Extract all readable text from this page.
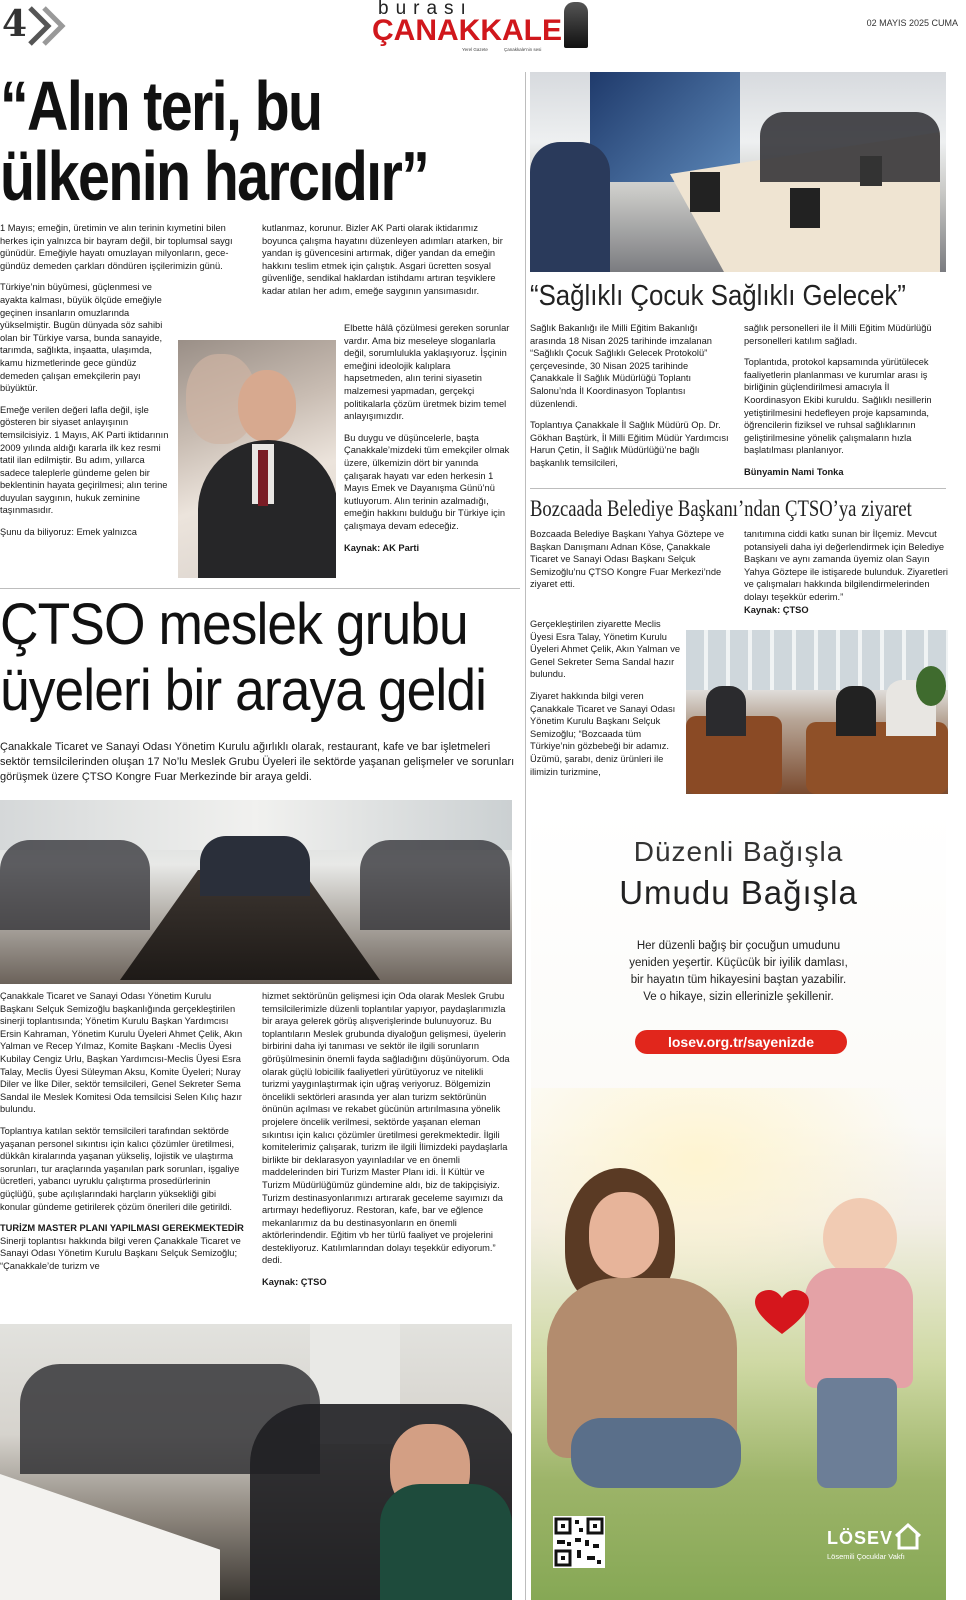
4	burası
ÇANAKKALE
Yerel Gazete	Çanakkale'nin sesi
02 MAYIS 2025 CUMA
“Alın teri, bu
ülkenin harcıdır”

1 Mayıs; emeğin, üretimin ve alın terinin kıymetini bilen herkes için yalnızca bir bayram değil, bir toplumsal saygı günüdür. Emeğiyle hayatı omuzlayan milyonların, gece-gündüz demeden çarkları döndüren işçilerimizin günü.

Türkiye’nin büyümesi, güçlenmesi ve ayakta kalması, büyük ölçüde emeğiyle geçinen insanların omuzlarında yükselmiştir. Bugün dünyada söz sahibi olan bir Türkiye varsa, bunda sanayide, tarımda, sağlıkta, inşaatta, ulaşımda, kamu hizmetlerinde gece gündüz demeden çalışan emekçilerin payı büyüktür.

Emeğe verilen değeri lafla değil, işle gösteren bir siyaset anlayışının temsilcisiyiz. 1 Mayıs, AK Parti iktidarının 2009 yılında aldığı kararla ilk kez resmi tatil ilan edilmiştir. Bu adım, yıllarca sadece taleplerle gündeme gelen bir beklentinin hayata geçirilmesi; alın terine duyulan saygının, hukuk zeminine taşınmasıdır.

Şunu da biliyoruz: Emek yalnızca

kutlanmaz, korunur. Bizler AK Parti olarak iktidarımız boyunca çalışma hayatını düzenleyen adımları atarken, bir yandan iş güvencesini artırmak, diğer yandan da emeğin hakkını teslim etmek için çalıştık. Asgari ücretten sosyal güvenliğe, sendikal haklardan istihdamı artıran teşviklere kadar atılan her adım, emeğe saygının yansımasıdır.

Elbette hâlâ çözülmesi gereken sorunlar vardır. Ama biz meseleye sloganlarla değil, sorumlulukla yaklaşıyoruz. İşçinin emeğini ideolojik kalıplara hapsetmeden, alın terini siyasetin malzemesi yapmadan, gerçekçi politikalarla çözüm üretmek bizim temel anlayışımızdır.

Bu duygu ve düşüncelerle, başta Çanakkale’mizdeki tüm emekçiler olmak üzere, ülkemizin dört bir yanında çalışarak hayatı var eden herkesin 1 Mayıs Emek ve Dayanışma Günü’nü kutluyorum. Alın terinin azalmadığı, emeğin hakkını bulduğu bir Türkiye için çalışmaya devam edeceğiz.

Kaynak: AK Parti

ÇTSO meslek grubu
üyeleri bir araya geldi
Çanakkale Ticaret ve Sanayi Odası Yönetim Kurulu ağırlıklı olarak, restaurant, kafe ve bar işletmeleri sektör temsilcilerinden oluşan 17 No’lu Meslek Grubu Üyeleri ile sektörde yaşanan gelişmeler ve sorunları görüşmek üzere ÇTSO Kongre Fuar Merkezinde bir araya geldi.

Çanakkale Ticaret ve Sanayi Odası Yönetim Kurulu Başkanı Selçuk Semizoğlu başkanlığında gerçekleştirilen sinerji toplantısında; Yönetim Kurulu Başkan Yardımcısı Ersin Kahraman, Yönetim Kurulu Üyeleri Ahmet Çelik, Akın Yalman ve Recep Yılmaz, Komite Başkanı -Meclis Üyesi Kubilay Cengiz Urlu, Başkan Yardımcısı-Meclis Üyesi Esra Talay, Meclis Üyesi Süleyman Aksu, Komite Üyeleri; Nuray Diler ve İlke Diler, sektör temsilcileri, Genel Sekreter Sema Sandal ile Meslek Komitesi Oda temsilcisi Selen Kılıç hazır bulundu.

Toplantıya katılan sektör temsilcileri tarafından sektörde yaşanan personel sıkıntısı için kalıcı çözümler üretilmesi, dükkân kiralarında yaşanan yükseliş, lojistik ve ulaştırma sorunları, tur araçlarında yaşanılan park sorunları, işgaliye ücretleri, yabancı uyruklu çalıştırma prosedürlerinin güçlüğü, şube açılışlarındaki harçların yüksekliği gibi konular gündeme getirilerek çözüm önerileri dile getirildi.

TURİZM MASTER PLANI YAPILMASI GEREKMEKTEDİR

Sinerji toplantısı hakkında bilgi veren Çanakkale Ticaret ve Sanayi Odası Yönetim Kurulu Başkanı Selçuk Semizoğlu; “Çanakkale’de turizm ve

hizmet sektörünün gelişmesi için Oda olarak Meslek Grubu temsilcilerimizle düzenli toplantılar yapıyor, paydaşlarımızla bir araya gelerek görüş alışverişlerinde bulunuyoruz. Bu toplantıların Meslek grubunda diyaloğun gelişmesi, üyelerin birbirini daha iyi tanıması ve sektör ile ilgili sorunların görüşülmesinin önemli fayda sağladığını düşünüyorum. Oda olarak güçlü lobicilik faaliyetleri yürütüyoruz ve nitelikli turizmi yaygınlaştırmak için uğraş veriyoruz. Bölgemizin öncelikli sektörleri arasında yer alan turizm sektörünün önünün açılması ve rekabet gücünün artırılmasına yönelik projelere öncelik verilmesi, sektörde yaşanan eleman sıkıntısı için kalıcı çözümler üretilmesi gerekmektedir. İlgili komitelerimiz çalışarak, turizm ile ilgili İlimizdeki paydaşlarla birlikte bir deklarasyon yayınladılar ve en önemli maddelerinden biri Turizm Master Planı idi. İl Kültür ve Turizm Müdürlüğümüz gündemine aldı, biz de takipçisiyiz. Turizm destinasyonlarımızı artırarak geceleme sayımızı da artırmayı hedefliyoruz. Restoran, kafe, bar ve eğlence mekanlarımız da bu destinasyonların en önemli aktörlerindendir. Eğitim vb her türlü faaliyet ve projelerini destekliyoruz. Katılımlarından dolayı teşekkür ediyorum.” dedi.

Kaynak: ÇTSO

“Sağlıklı Çocuk Sağlıklı Gelecek”

Sağlık Bakanlığı ile Milli Eğitim Bakanlığı arasında 18 Nisan 2025 tarihinde imzalanan “Sağlıklı Çocuk Sağlıklı Gelecek Protokolü” çerçevesinde, 30 Nisan 2025 tarihinde Çanakkale İl Sağlık Müdürlüğü Toplantı Salonu’nda İl Koordinasyon Toplantısı düzenlendi.

Toplantıya Çanakkale İl Sağlık Müdürü Op. Dr. Gökhan Baştürk, İl Milli Eğitim Müdür Yardımcısı Harun Çetin, İl Sağlık Müdürlüğü’ne bağlı başkanlık temsilcileri,

sağlık personelleri ile İl Milli Eğitim Müdürlüğü personelleri katılım sağladı.

Toplantıda, protokol kapsamında yürütülecek faaliyetlerin planlanması ve kurumlar arası iş birliğinin güçlendirilmesi amacıyla İl Koordinasyon Ekibi kuruldu. Sağlıklı nesillerin yetiştirilmesini hedefleyen proje kapsamında, öğrencilerin fiziksel ve ruhsal sağlıklarının geliştirilmesine yönelik çalışmaların hızla başlatılması planlanıyor.

Bünyamin Nami Tonka

Bozcaada Belediye Başkanı’ndan ÇTSO’ya ziyaret

Bozcaada Belediye Başkanı Yahya Göztepe ve Başkan Danışmanı Adnan Köse, Çanakkale Ticaret ve Sanayi Odası Başkanı Selçuk Semizoğlu’nu ÇTSO Kongre Fuar Merkezi’nde ziyaret etti.

Gerçekleştirilen ziyarette Meclis Üyesi Esra Talay, Yönetim Kurulu Üyeleri Ahmet Çelik, Akın Yalman ve Genel Sekreter Sema Sandal hazır bulundu.

Ziyaret hakkında bilgi veren Çanakkale Ticaret ve Sanayi Odası Yönetim Kurulu Başkanı Selçuk Semizoğlu; “Bozcaada tüm Türkiye’nin gözbebeği bir adamız. Üzümü, şarabı, deniz ürünleri ile ilimizin turizmine,

tanıtımına ciddi katkı sunan bir İlçemiz. Mevcut potansiyeli daha iyi değerlendirmek için Belediye Başkanı ve aynı zamanda üyemiz olan Sayın Yahya Göztepe ile istişarede bulunduk. Ziyaretleri ve çalışmaları hakkında bilgilendirmelerinden dolayı teşekkür ederim.”

Kaynak: ÇTSO

Düzenli Bağışla
Umudu Bağışla
Her düzenli bağış bir çocuğun umudunu
yeniden yeşertir. Küçücük bir iyilik damlası,
bir hayatın tüm hikayesini baştan yazabilir.
Ve o hikaye, sizin ellerinizle şekillenir.
losev.org.tr/sayenizde
LÖSEV
Lösemili Çocuklar Vakfı
